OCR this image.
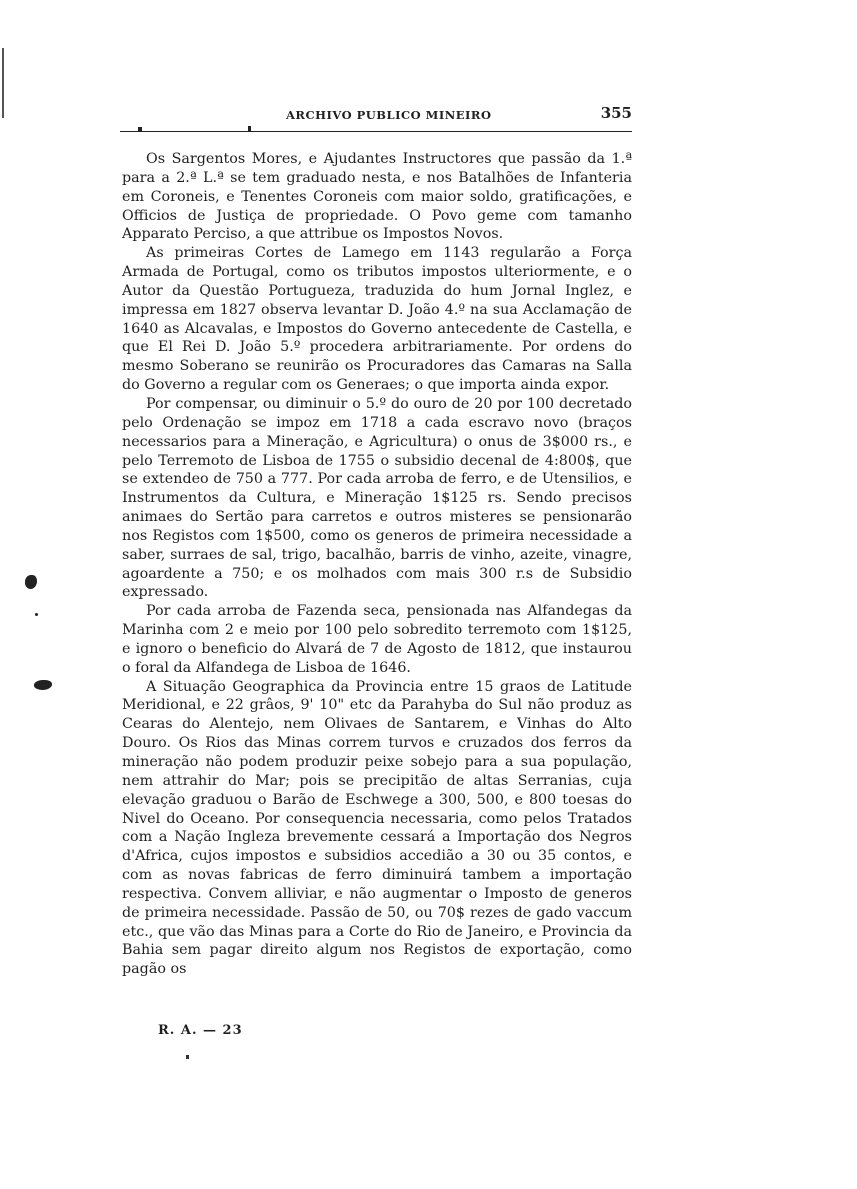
ARCHIVO PUBLICO MINEIRO	355

Os Sargentos Mores, e Ajudantes Instructores que passão da 1.ª para a 2.ª L.ª se tem graduado nesta, e nos Batalhões de Infanteria em Coroneis, e Tenentes Coroneis com maior soldo, gratificações, e Officios de Justiça de propriedade. O Povo geme com tamanho Apparato Perciso, a que attribue os Impostos Novos.

As primeiras Cortes de Lamego em 1143 regularão a Força Armada de Portugal, como os tributos impostos ulteriormente, e o Autor da Questão Portugueza, traduzida do hum Jornal Inglez, e impressa em 1827 observa levantar D. João 4.º na sua Acclamação de 1640 as Alcavalas, e Impostos do Governo antecedente de Castella, e que El Rei D. João 5.º procedera arbitrariamente. Por ordens do mesmo Soberano se reunirão os Procuradores das Camaras na Salla do Governo a regular com os Generaes; o que importa ainda expor.

Por compensar, ou diminuir o 5.º do ouro de 20 por 100 decretado pelo Ordenação se impoz em 1718 a cada escravo novo (braços necessarios para a Mineração, e Agricultura) o onus de 3$000 rs., e pelo Terremoto de Lisboa de 1755 o subsidio decenal de 4:800$, que se extendeo de 750 a 777. Por cada arroba de ferro, e de Utensilios, e Instrumentos da Cultura, e Mineração 1$125 rs. Sendo precisos animaes do Sertão para carretos e outros misteres se pensionarão nos Registos com 1$500, como os generos de primeira necessidade a saber, surraes de sal, trigo, bacalhão, barris de vinho, azeite, vinagre, agoardente a 750; e os molhados com mais 300 r.s de Subsidio expressado.

Por cada arroba de Fazenda seca, pensionada nas Alfandegas da Marinha com 2 e meio por 100 pelo sobredito terremoto com 1$125, e ignoro o beneficio do Alvará de 7 de Agosto de 1812, que instaurou o foral da Alfandega de Lisboa de 1646.

A Situação Geographica da Provincia entre 15 graos de Latitude Meridional, e 22 grâos, 9' 10" etc da Parahyba do Sul não produz as Cearas do Alentejo, nem Olivaes de Santarem, e Vinhas do Alto Douro. Os Rios das Minas correm turvos e cruzados dos ferros da mineração não podem produzir peixe sobejo para a sua população, nem attrahir do Mar; pois se precipitão de altas Serranias, cuja elevação graduou o Barão de Eschwege a 300, 500, e 800 toesas do Nivel do Oceano. Por consequencia necessaria, como pelos Tratados com a Nação Ingleza brevemente cessará a Importação dos Negros d'Africa, cujos impostos e subsidios accedião a 30 ou 35 contos, e com as novas fabricas de ferro diminuirá tambem a importação respectiva. Convem alliviar, e não augmentar o Imposto de generos de primeira necessidade. Passão de 50, ou 70$ rezes de gado vaccum etc., que vão das Minas para a Corte do Rio de Janeiro, e Provincia da Bahia sem pagar direito algum nos Registos de exportação, como pagão os

R. A. — 23
